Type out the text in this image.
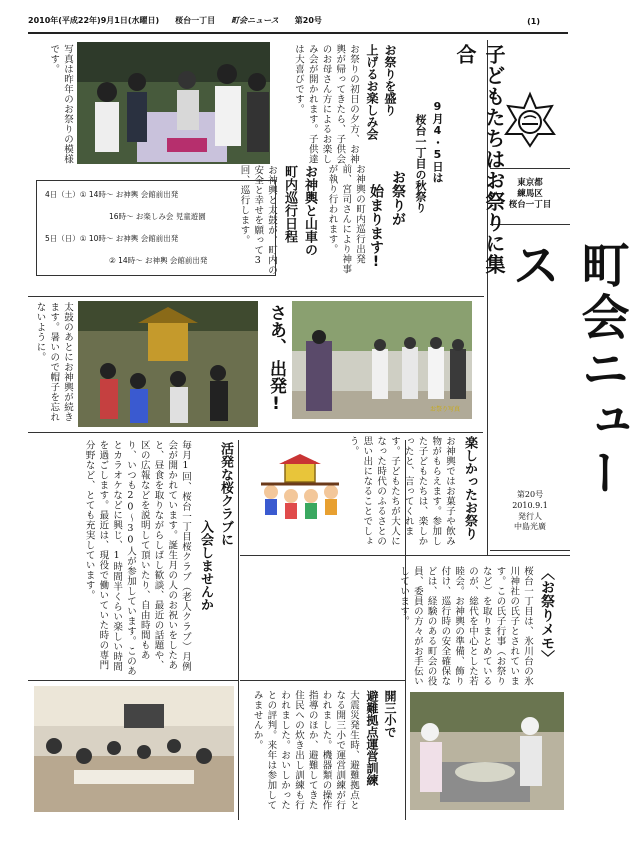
2010年(平成22年)9月1日(水曜日) 桜台一丁目 町会ニュース 第20号	(1)
東京都
練馬区
桜台一丁目
町会ニュース
第20号
2010.9.1
発行人
中島光廣
子どもたちはお祭りに集合
9月4・5日は
桜台一丁目の秋祭り
お祭りが
始まります!
お神輿の町内巡行出発前、宮司さんにより神事が執り行われます。
お神輿と山車の
町内巡行日程
お神輿と太鼓が、町内の安全と幸せを願って3回、巡行します。
お祭りを盛り
上げるお楽しみ会
お祭りの初日の夕方、お神輿が帰ってきたら、子供会のお母さん方によるお楽しみ会が開かれます。子供達は大喜びです。
写真は昨年のお祭りの模様です。
4日（土）① 14時～ お神輿 会館前出発
16時～ お楽しみ会 児童遊園
5日（日）① 10時～ お神輿 会館前出発
② 14時～ お神輿 会館前出発
太鼓のあとにお神輿が続きます。暑いので帽子を忘れないように。	さあ、
出発!	お祭り写真
楽しかったお祭り
お神輿ではお菓子や飲み物がもらえます。参加した子どもたちは、楽しかったと、言ってくれます。子どもたちが大人になった時代のふるさとの思い出になることでしょう。
活発な桜クラブに
入会しませんか
毎月1回、桜台一丁目桜クラブ（老人クラブ）月例会が開かれています。誕生月の人のお祝いをしたあと、昼食を取りながらしばし歓談、最近の話題や、区の広報などを説明して頂いたり、自由時間もあり、いつも20～30人が参加しています。このあとカラオケなどに興じ、1時間半くらい楽しい時間を過ごします。最近は、現役で働いていた時の専門分野など、とても充実しています。
〈お祭りメモ〉
桜台一丁目は、氷川台の氷川神社の氏子とされています。この氏子行事（お祭りなど）を取りまとめているのが、総代を中心とした若睦会。お神輿の準備、飾り付け、巡行時の安全確保などは、経験のある町会の役員、委員の方々がお手伝いしています。
開三小で
避難拠点運営訓練
大震災発生時、避難拠点となる開三小で運営訓練が行われました。機器類の操作指導のほか、避難してきた住民への炊き出し訓練も行われました。おいしかったとの評判。来年は参加してみませんか。
